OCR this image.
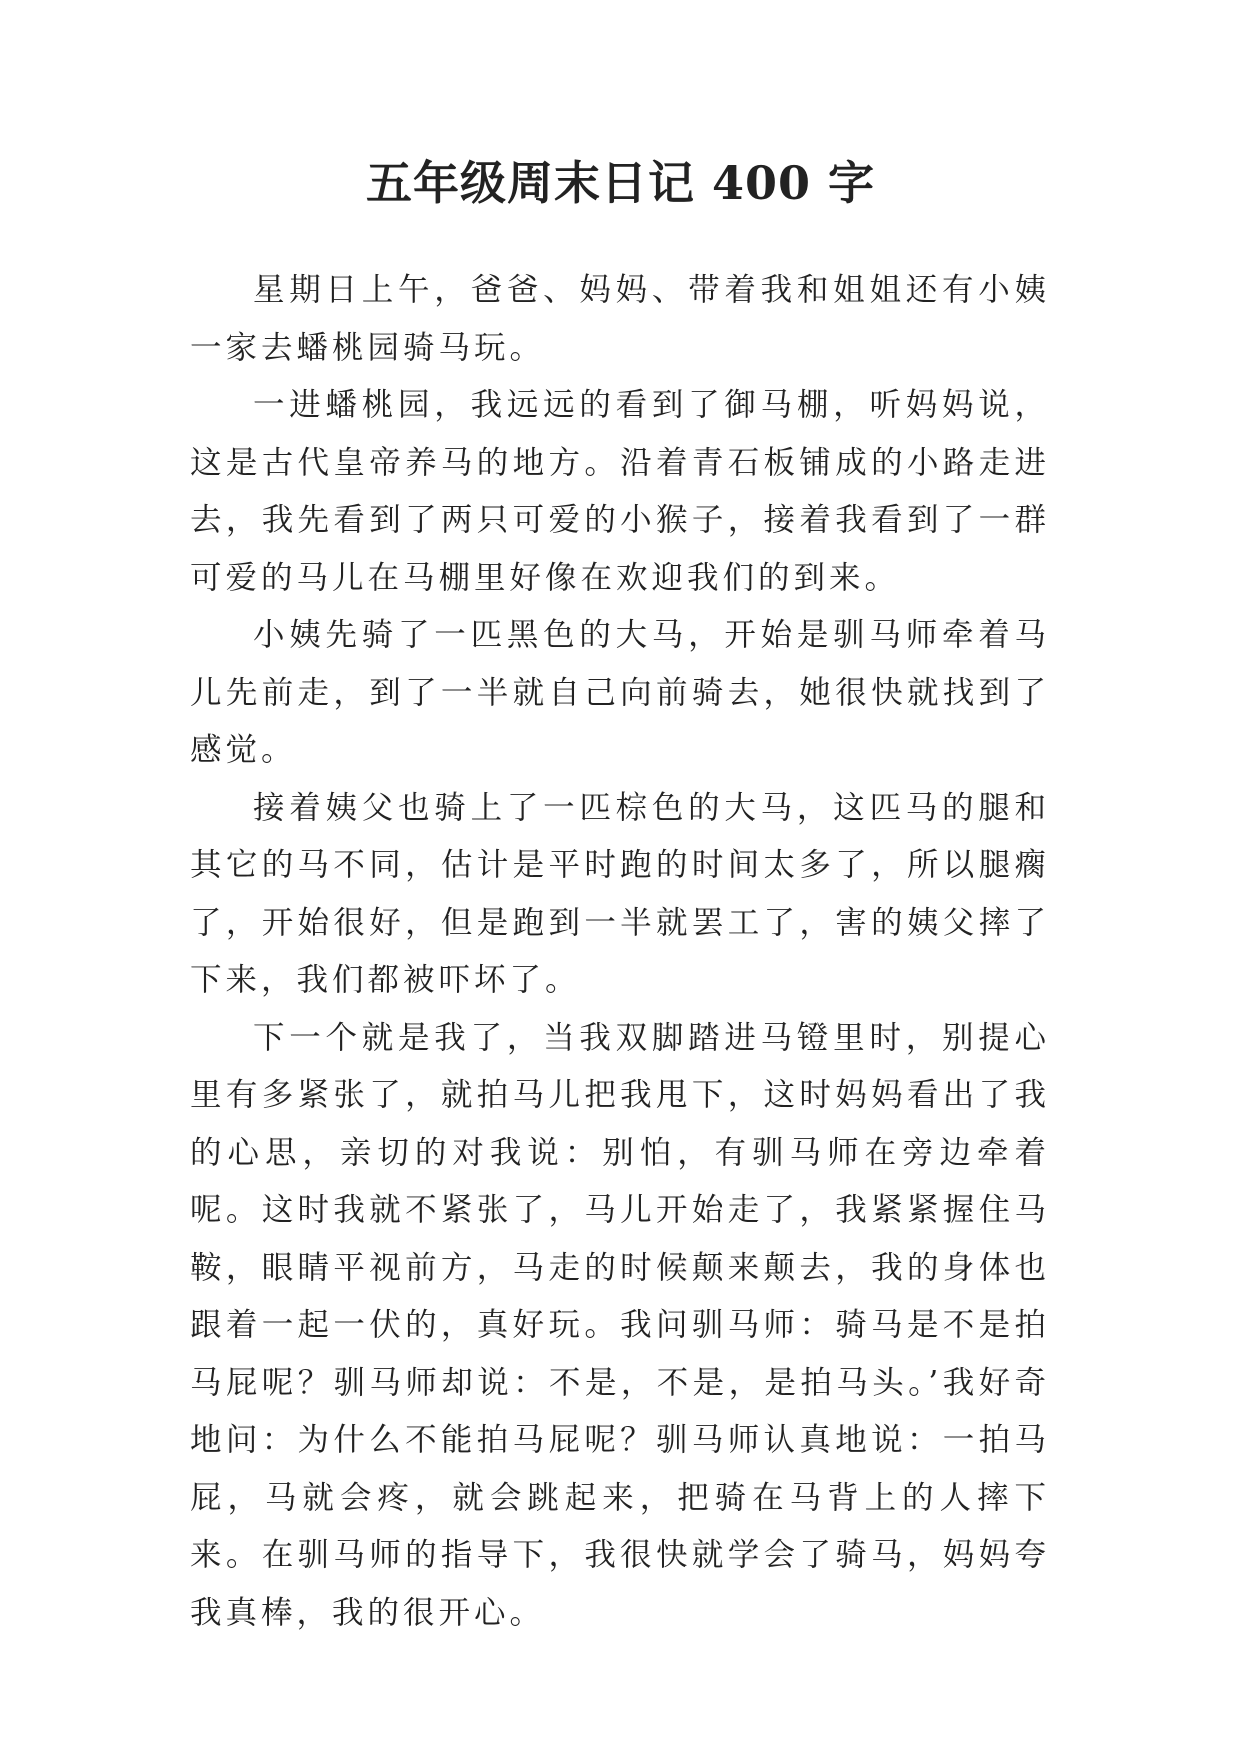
五年级周末日记 400 字

星期日上午，爸爸、妈妈、带着我和姐姐还有小姨一家去蟠桃园骑马玩。

一进蟠桃园，我远远的看到了御马棚，听妈妈说，这是古代皇帝养马的地方。沿着青石板铺成的小路走进去，我先看到了两只可爱的小猴子，接着我看到了一群可爱的马儿在马棚里好像在欢迎我们的到来。

小姨先骑了一匹黑色的大马，开始是驯马师牵着马儿先前走，到了一半就自己向前骑去，她很快就找到了感觉。

接着姨父也骑上了一匹棕色的大马，这匹马的腿和其它的马不同，估计是平时跑的时间太多了，所以腿瘸了，开始很好，但是跑到一半就罢工了，害的姨父摔了下来，我们都被吓坏了。

下一个就是我了，当我双脚踏进马镫里时，别提心里有多紧张了，就拍马儿把我甩下，这时妈妈看出了我的心思，亲切的对我说：别怕，有驯马师在旁边牵着呢。这时我就不紧张了，马儿开始走了，我紧紧握住马鞍，眼睛平视前方，马走的时候颠来颠去，我的身体也跟着一起一伏的，真好玩。我问驯马师：骑马是不是拍马屁呢？驯马师却说：不是，不是，是拍马头。’我好奇地问：为什么不能拍马屁呢？驯马师认真地说：一拍马屁，马就会疼，就会跳起来，把骑在马背上的人摔下来。在驯马师的指导下，我很快就学会了骑马，妈妈夸我真棒，我的很开心。
